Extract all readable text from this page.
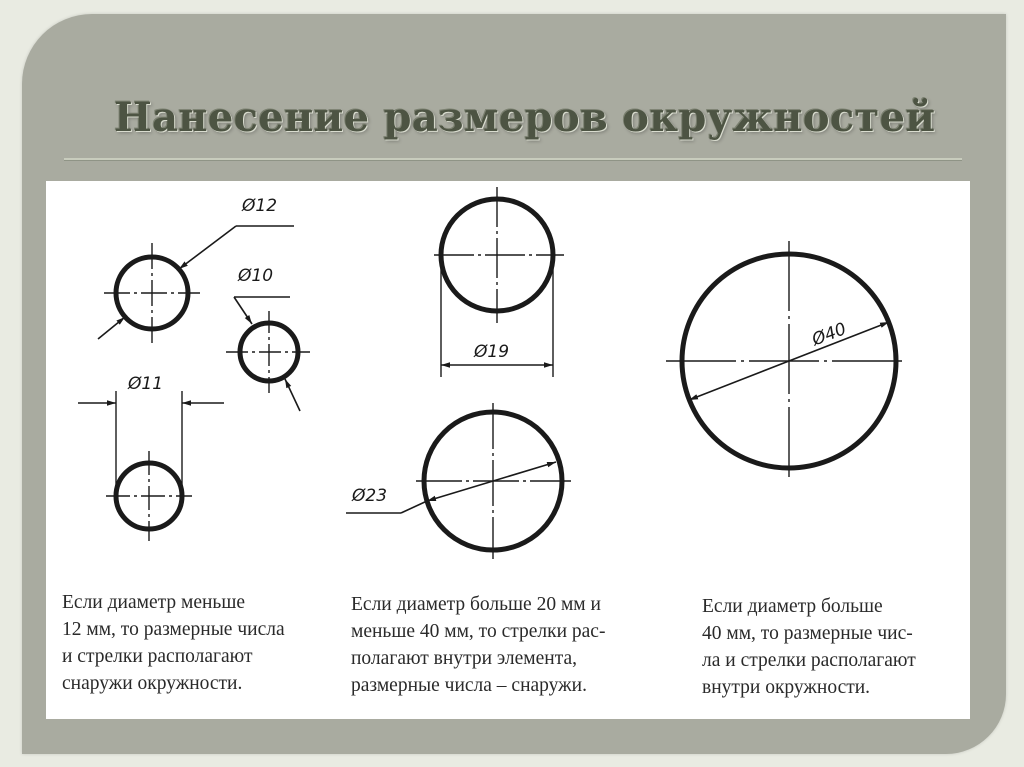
Нанесение размеров окружностей
Ø12
Ø10
Ø11
Ø19
Ø23
Ø40
Если диаметр меньше
12 мм, то размерные числа
и стрелки располагают
снаружи окружности.
Если диаметр больше 20 мм и
меньше 40 мм, то стрелки рас-
полагают внутри элемента,
размерные числа – снаружи.
Если диаметр больше
40 мм, то размерные чис-
ла и стрелки располагают
внутри окружности.
